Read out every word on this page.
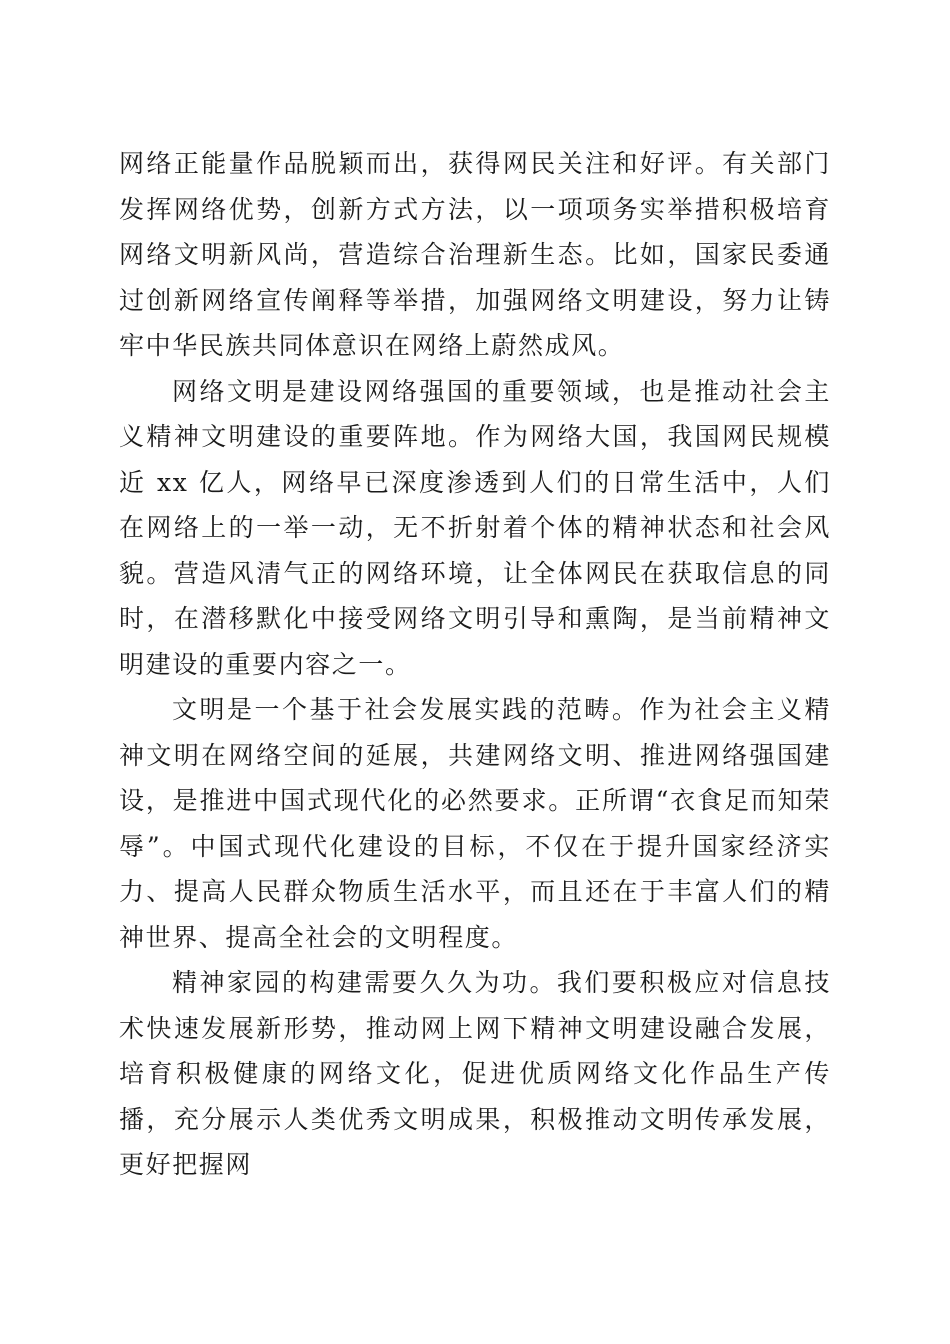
网络正能量作品脱颖而出，获得网民关注和好评。有关部门发挥网络优势，创新方式方法，以一项项务实举措积极培育网络文明新风尚，营造综合治理新生态。比如，国家民委通过创新网络宣传阐释等举措，加强网络文明建设，努力让铸牢中华民族共同体意识在网络上蔚然成风。

网络文明是建设网络强国的重要领域，也是推动社会主义精神文明建设的重要阵地。作为网络大国，我国网民规模近 xx 亿人，网络早已深度渗透到人们的日常生活中，人们在网络上的一举一动，无不折射着个体的精神状态和社会风貌。营造风清气正的网络环境，让全体网民在获取信息的同时，在潜移默化中接受网络文明引导和熏陶，是当前精神文明建设的重要内容之一。

文明是一个基于社会发展实践的范畴。作为社会主义精神文明在网络空间的延展，共建网络文明、推进网络强国建设，是推进中国式现代化的必然要求。正所谓“衣食足而知荣辱”。中国式现代化建设的目标，不仅在于提升国家经济实力、提高人民群众物质生活水平，而且还在于丰富人们的精神世界、提高全社会的文明程度。

精神家园的构建需要久久为功。我们要积极应对信息技术快速发展新形势，推动网上网下精神文明建设融合发展，培育积极健康的网络文化，促进优质网络文化作品生产传播，充分展示人类优秀文明成果，积极推动文明传承发展，更好把握网
